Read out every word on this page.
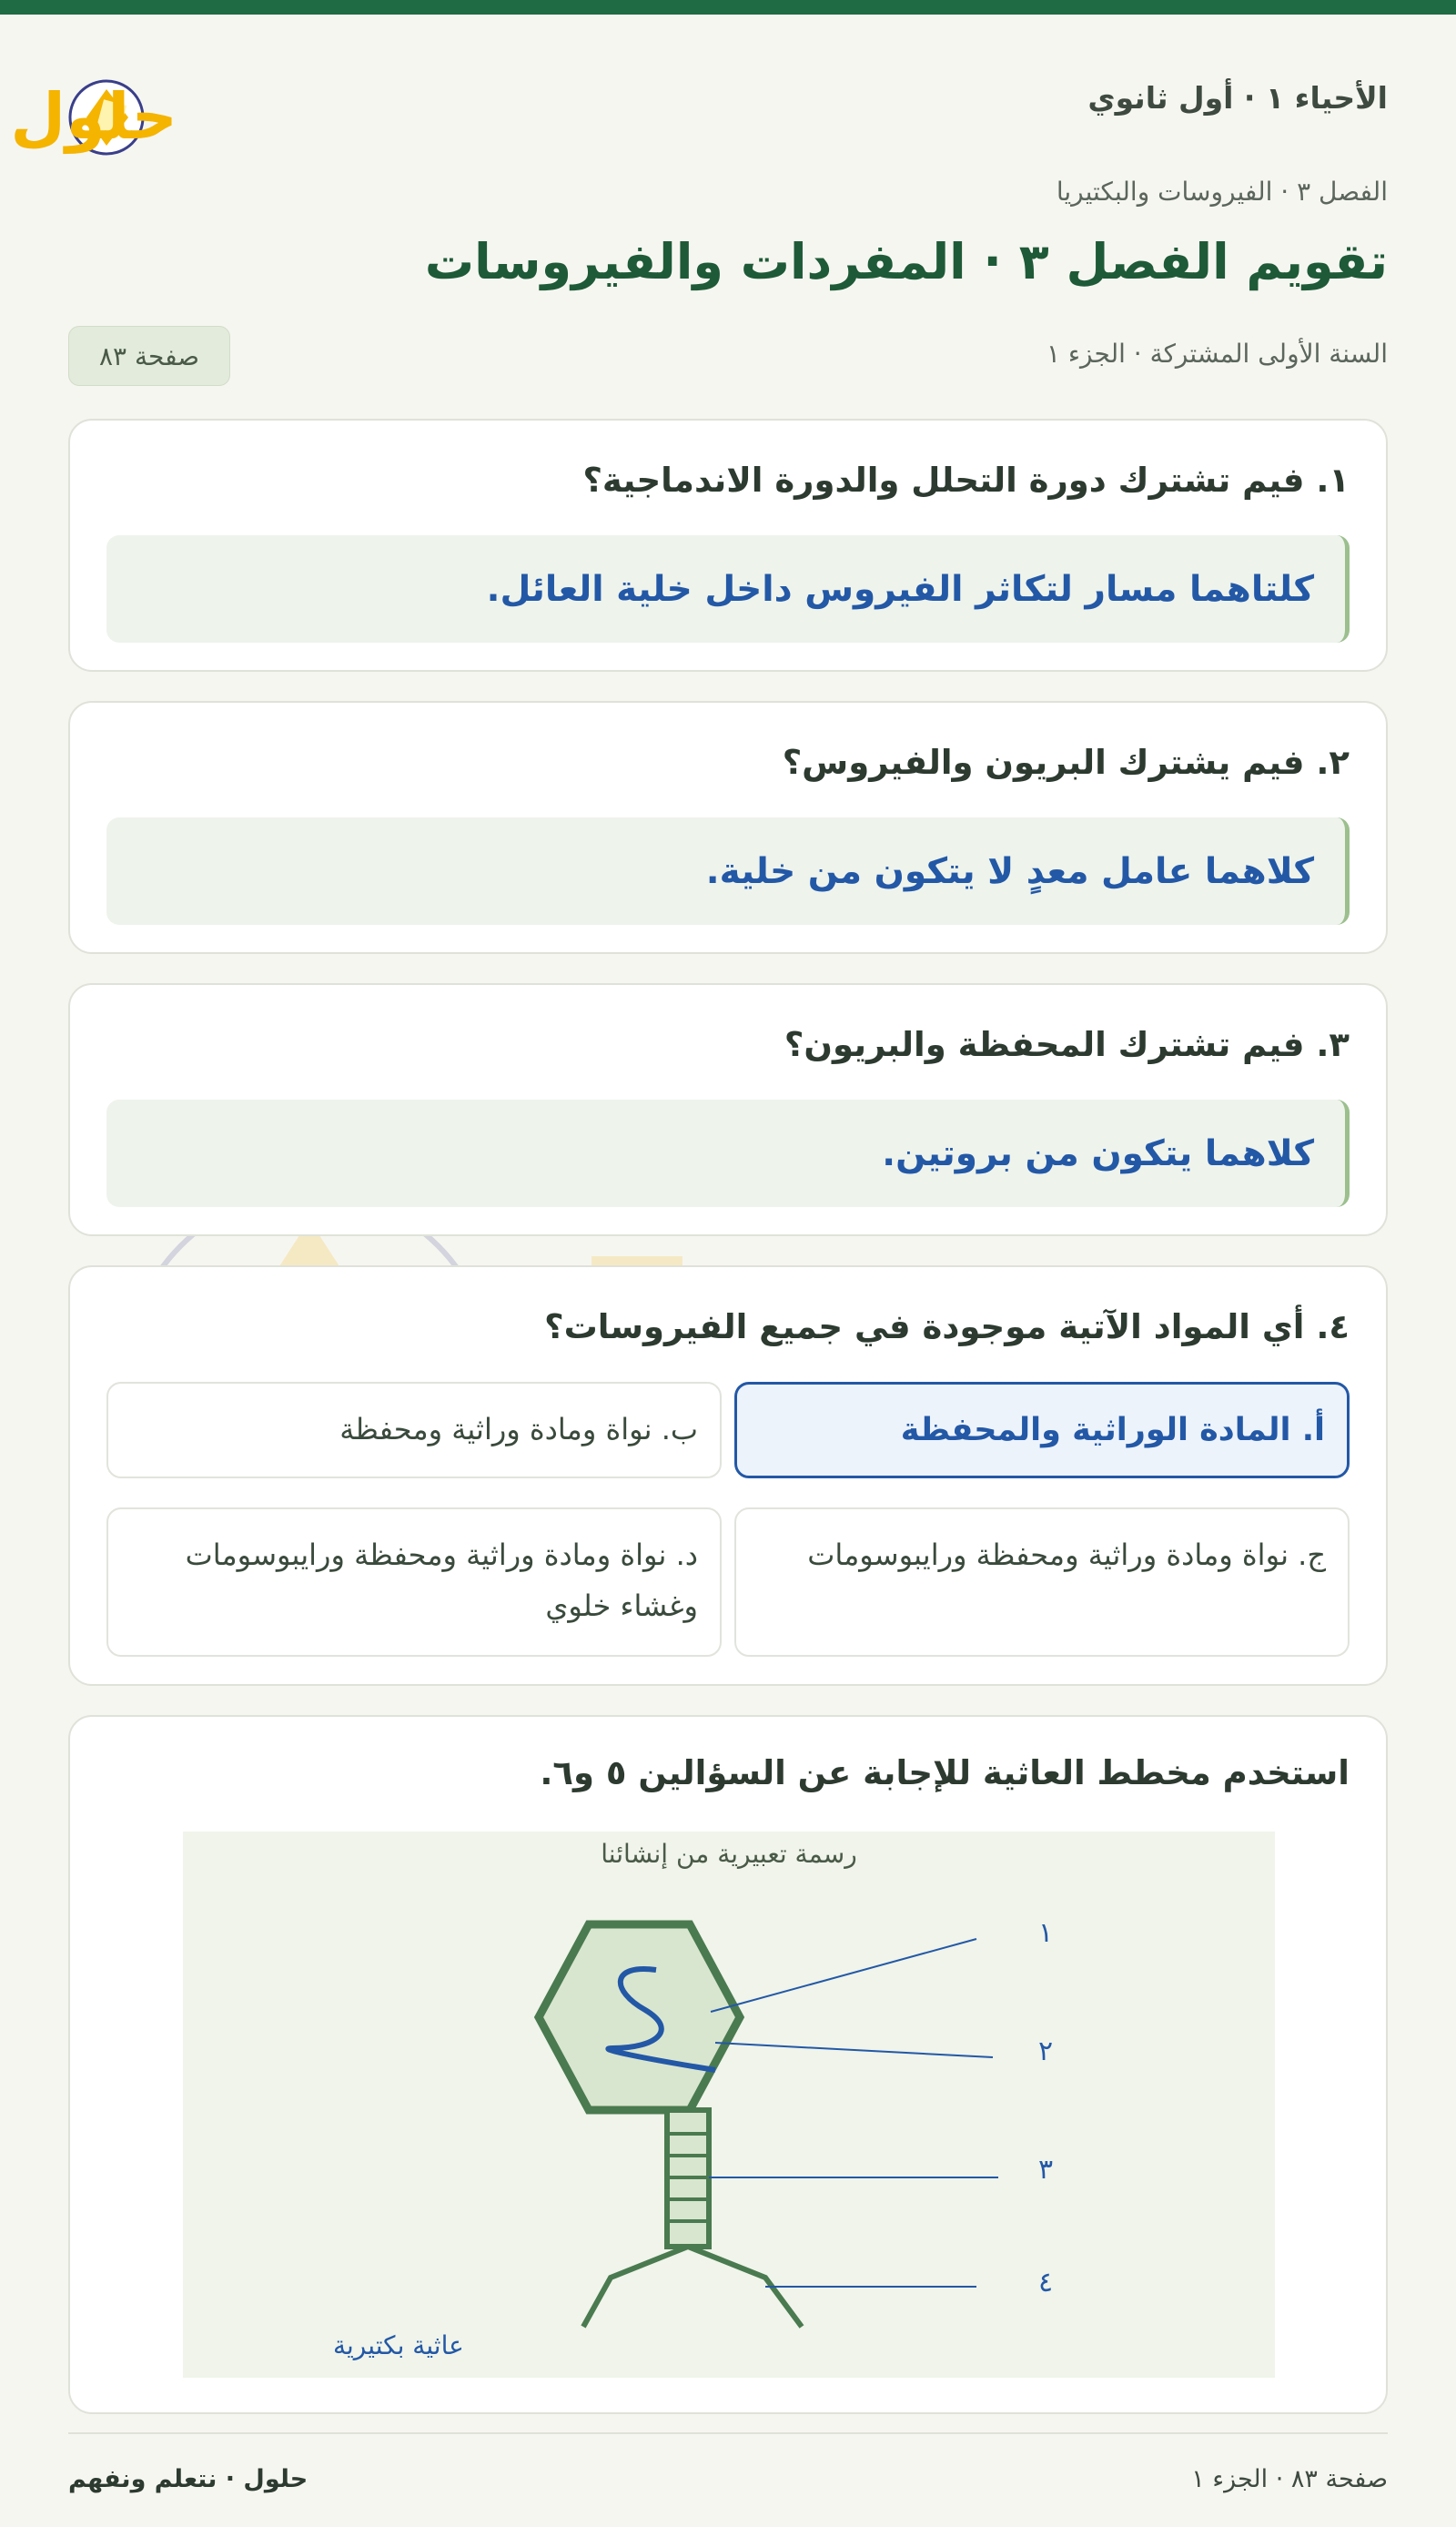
الأحياء ١ · أول ثانوي
حلول
الفصل ٣ · الفيروسات والبكتيريا
تقويم الفصل ٣ · المفردات والفيروسات
السنة الأولى المشتركة · الجزء ١
صفحة ٨٣
١. فيم تشترك دورة التحلل والدورة الاندماجية؟
كلتاهما مسار لتكاثر الفيروس داخل خلية العائل.
٢. فيم يشترك البريون والفيروس؟
كلاهما عامل معدٍ لا يتكون من خلية.
٣. فيم تشترك المحفظة والبريون؟
كلاهما يتكون من بروتين.
٤. أي المواد الآتية موجودة في جميع الفيروسات؟
أ. المادة الوراثية والمحفظة
ب. نواة ومادة وراثية ومحفظة
ج. نواة ومادة وراثية ومحفظة ورايبوسومات
د. نواة ومادة وراثية ومحفظة ورايبوسومات وغشاء خلوي
استخدم مخطط العاثية للإجابة عن السؤالين ٥ و٦.
رسمة تعبيرية من إنشائنا
١
٢
٣
٤
عاثية بكتيرية
صفحة ٨٣ · الجزء ١
حلول · نتعلم ونفهم
